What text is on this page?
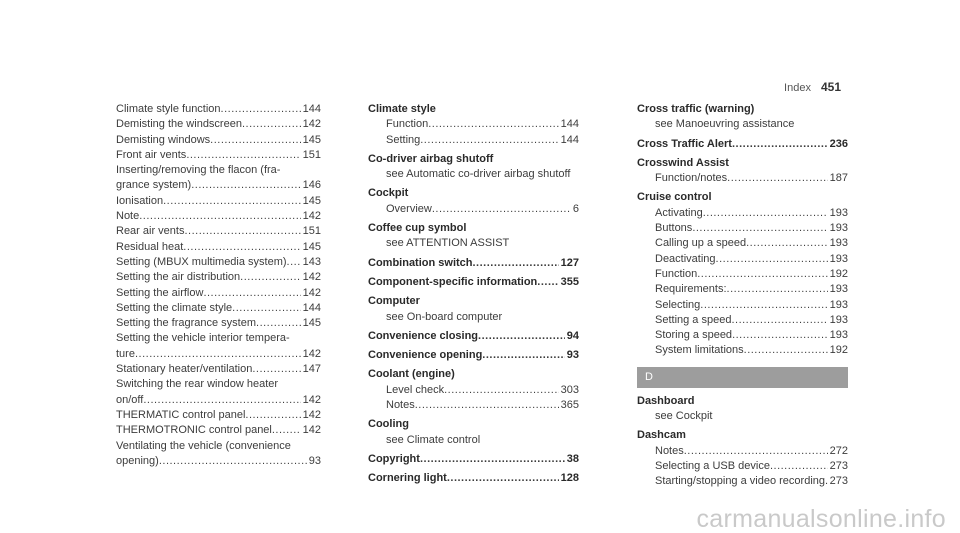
Index 451
Climate style function .....	144
Demisting the windscreen .....	142
Demisting windows .....	145
Front air vents .....	151
Inserting/removing the flacon (fra-
grance system) .....	146
Ionisation .....	145
Note .....	142
Rear air vents .....	151
Residual heat .....	145
Setting (MBUX multimedia system) ..... 143
Setting the air distribution .....	142
Setting the airflow .....	142
Setting the climate style .....	144
Setting the fragrance system .....	145
Setting the vehicle interior tempera-
ture .....	142
Stationary heater/ventilation .....	147
Switching the rear window heater
on/off .....	142
THERMATIC control panel .....	142
THERMOTRONIC control panel .....	142
Ventilating the vehicle (convenience
opening) .....	93
Climate style
Function .....	144
Setting .....	144
Co-driver airbag shutoff
see Automatic co-driver airbag shutoff
Cockpit
Overview .....	6
Coffee cup symbol
see ATTENTION ASSIST
Combination switch .....	127
Component-specific information ..... 355
Computer
see On-board computer
Convenience closing .....	94
Convenience opening .....	93
Coolant (engine)
Level check .....	303
Notes .....	365
Cooling
see Climate control
Copyright .....	38
Cornering light .....	128
Cross traffic (warning)
see Manoeuvring assistance
Cross Traffic Alert .....	236
Crosswind Assist
Function/notes .....	187
Cruise control
Activating .....	193
Buttons .....	193
Calling up a speed .....	193
Deactivating .....	193
Function .....	192
Requirements: .....	193
Selecting .....	193
Setting a speed .....	193
Storing a speed .....	193
System limitations .....	192
D
Dashboard
see Cockpit
Dashcam
Notes .....	272
Selecting a USB device .....	273
Starting/stopping a video recording ..... 273
carmanualsonline.info
